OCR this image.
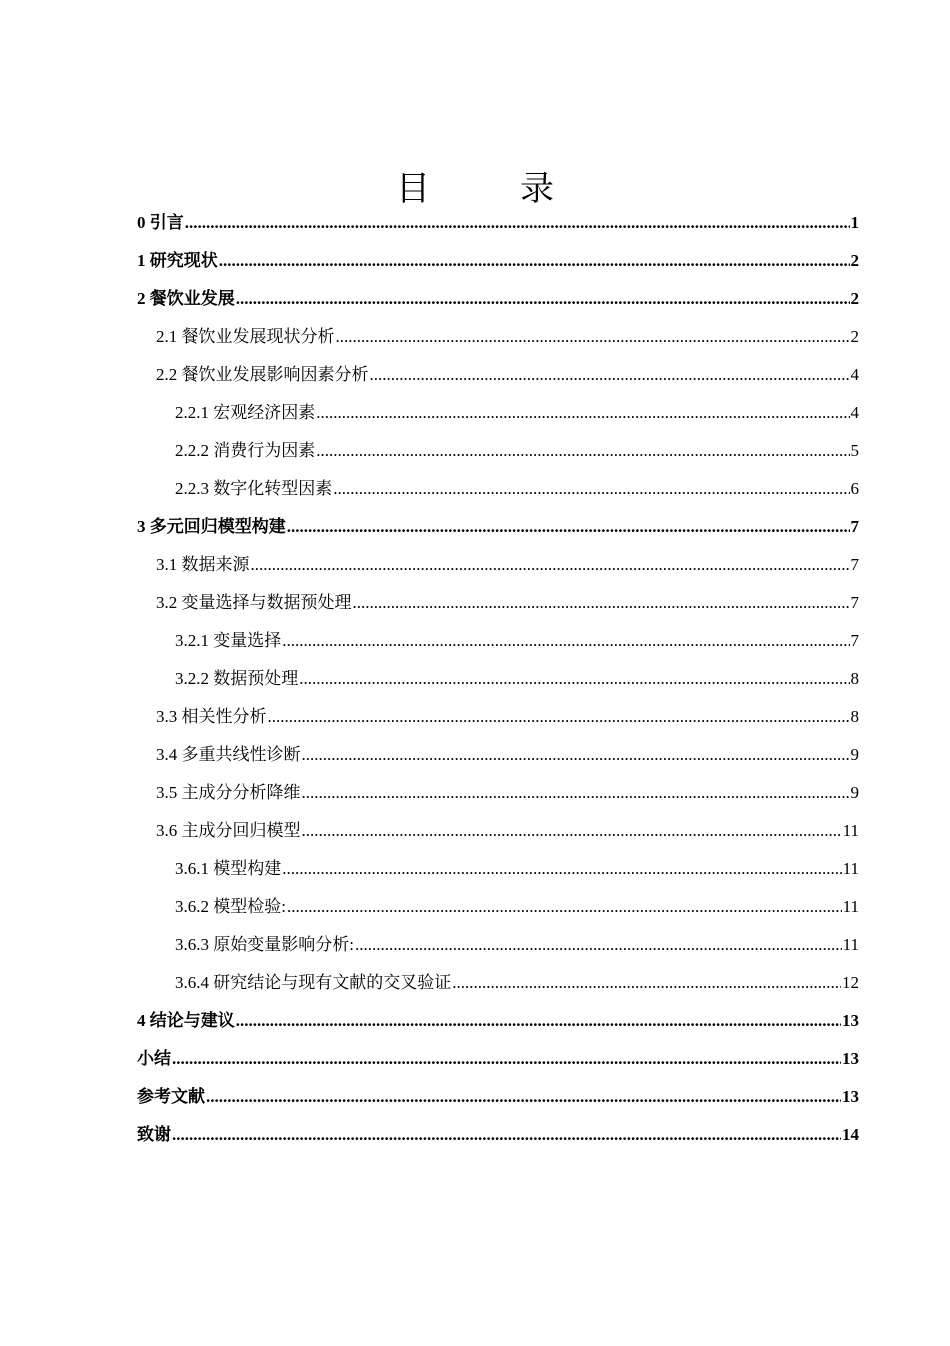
目　录
0 引言 .....	1
1 研究现状 .....	2
2 餐饮业发展 .....	2
2.1 餐饮业发展现状分析 .....	2
2.2 餐饮业发展影响因素分析 .....	4
2.2.1 宏观经济因素 .....	4
2.2.2 消费行为因素 .....	5
2.2.3 数字化转型因素 .....	6
3 多元回归模型构建 .....	7
3.1 数据来源 .....	7
3.2 变量选择与数据预处理 .....	7
3.2.1 变量选择 .....	7
3.2.2 数据预处理 .....	8
3.3 相关性分析 .....	8
3.4 多重共线性诊断 .....	9
3.5 主成分分析降维 .....	9
3.6 主成分回归模型 .....	11
3.6.1 模型构建 .....	11
3.6.2 模型检验: .....	11
3.6.3 原始变量影响分析: .....	11
3.6.4 研究结论与现有文献的交叉验证 .....	12
4 结论与建议 .....	13
小结 .....	13
参考文献 .....	13
致谢 .....	14
